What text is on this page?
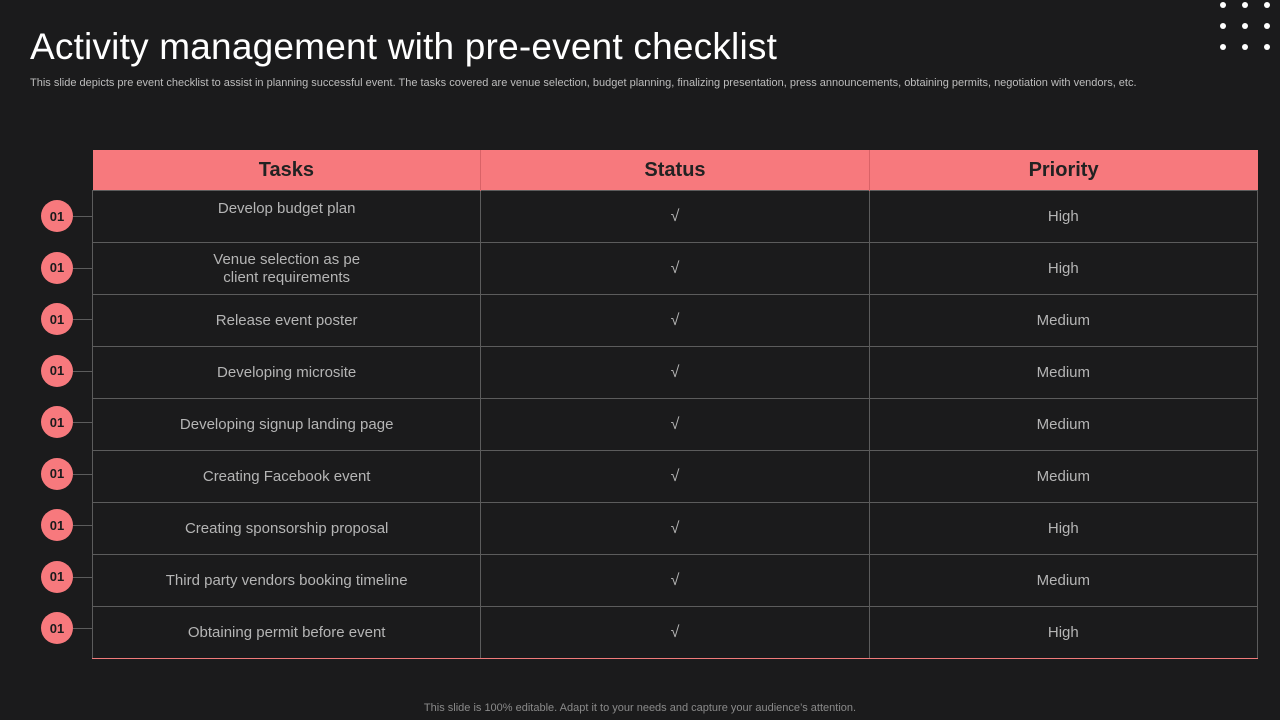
Activity management with pre-event checklist
This slide depicts pre event checklist to assist in planning successful event. The tasks covered are venue selection, budget planning, finalizing presentation, press announcements, obtaining permits, negotiation with vendors, etc.
01
01
01
01
01
01
01
01
01
Tasks	Status	Priority

Develop budget plan	√	High

Venue selection as pe
client requirements	√	High

Release event poster	√	Medium

Developing microsite	√	Medium

Developing signup landing page	√	Medium

Creating Facebook event	√	Medium

Creating sponsorship proposal	√	High

Third party vendors booking timeline	√	Medium

Obtaining permit before event	√	High
This slide is 100% editable. Adapt it to your needs and capture your audience’s attention.
